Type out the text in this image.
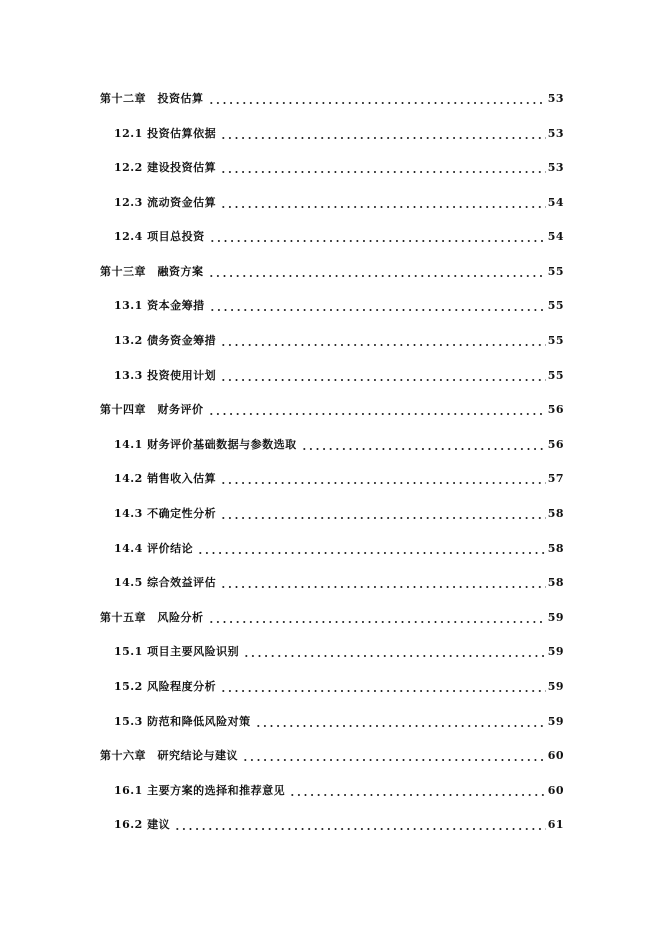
第十二章　投资估算	53
12.1 投资估算依据	53
12.2 建设投资估算	53
12.3 流动资金估算	54
12.4 项目总投资	54
第十三章　融资方案	55
13.1 资本金筹措	55
13.2 债务资金筹措	55
13.3 投资使用计划	55
第十四章　财务评价	56
14.1 财务评价基础数据与参数选取	56
14.2 销售收入估算	57
14.3 不确定性分析	58
14.4 评价结论	58
14.5 综合效益评估	58
第十五章　风险分析	59
15.1 项目主要风险识别	59
15.2 风险程度分析	59
15.3 防范和降低风险对策	59
第十六章　研究结论与建议	60
16.1 主要方案的选择和推荐意见	60
16.2 建议	61
